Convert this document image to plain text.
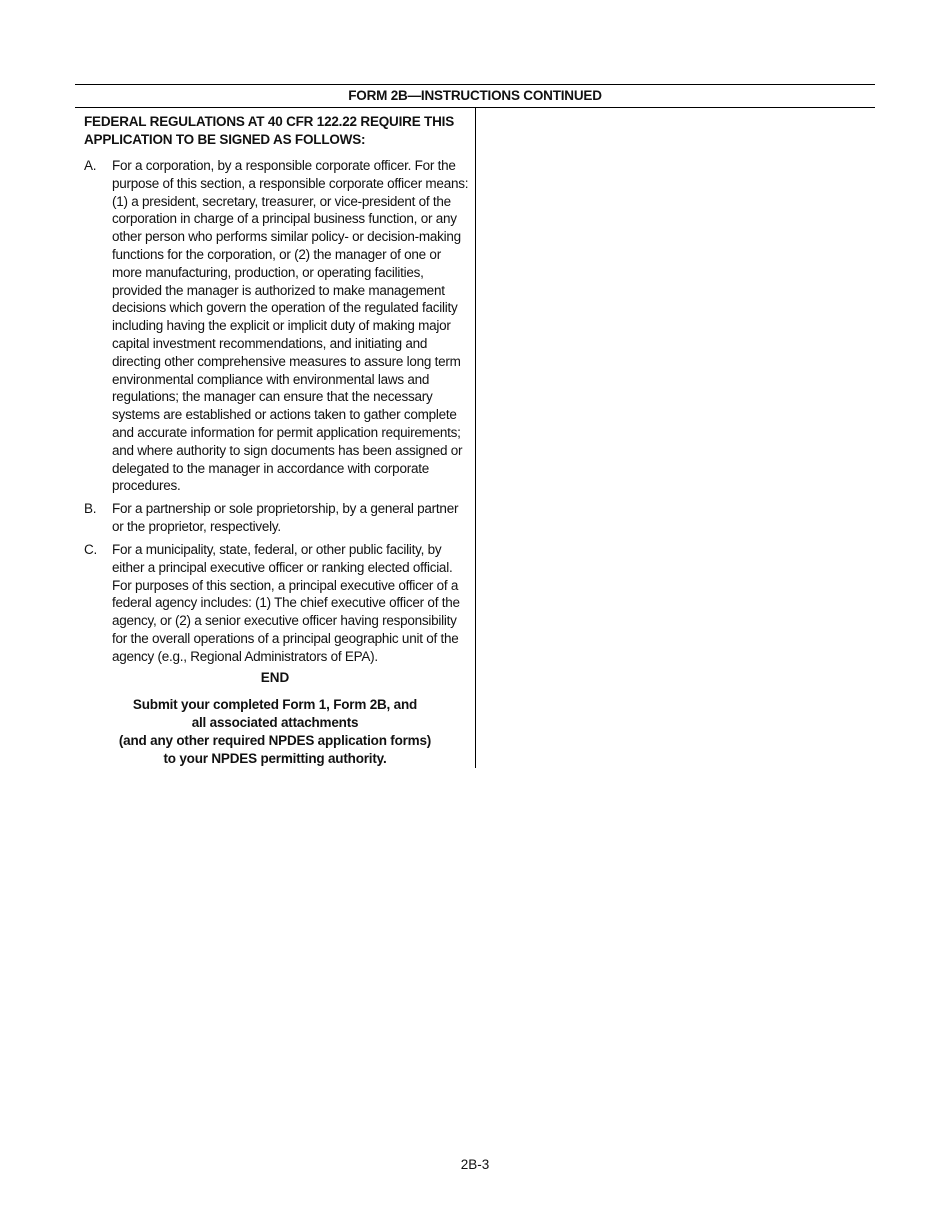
FORM 2B—INSTRUCTIONS CONTINUED
FEDERAL REGULATIONS AT 40 CFR 122.22 REQUIRE THIS
APPLICATION TO BE SIGNED AS FOLLOWS:
A.	For a corporation, by a responsible corporate officer. For the purpose of this section, a responsible corporate officer means: (1) a president, secretary, treasurer, or vice-president of the corporation in charge of a principal business function, or any other person who performs similar policy- or decision-making functions for the corporation, or (2) the manager of one or more manufacturing, production, or operating facilities, provided the manager is authorized to make management decisions which govern the operation of the regulated facility including having the explicit or implicit duty of making major capital investment recommendations, and initiating and directing other comprehensive measures to assure long term environmental compliance with environmental laws and regulations; the manager can ensure that the necessary systems are established or actions taken to gather complete and accurate information for permit application requirements; and where authority to sign documents has been assigned or delegated to the manager in accordance with corporate procedures.
B.	For a partnership or sole proprietorship, by a general partner or the proprietor, respectively.
C.	For a municipality, state, federal, or other public facility, by either a principal executive officer or ranking elected official. For purposes of this section, a principal executive officer of a federal agency includes: (1) The chief executive officer of the agency, or (2) a senior executive officer having responsibility for the overall operations of a principal geographic unit of the agency (e.g., Regional Administrators of EPA).
END
Submit your completed Form 1, Form 2B, and
all associated attachments
(and any other required NPDES application forms)
to your NPDES permitting authority.
2B-3
